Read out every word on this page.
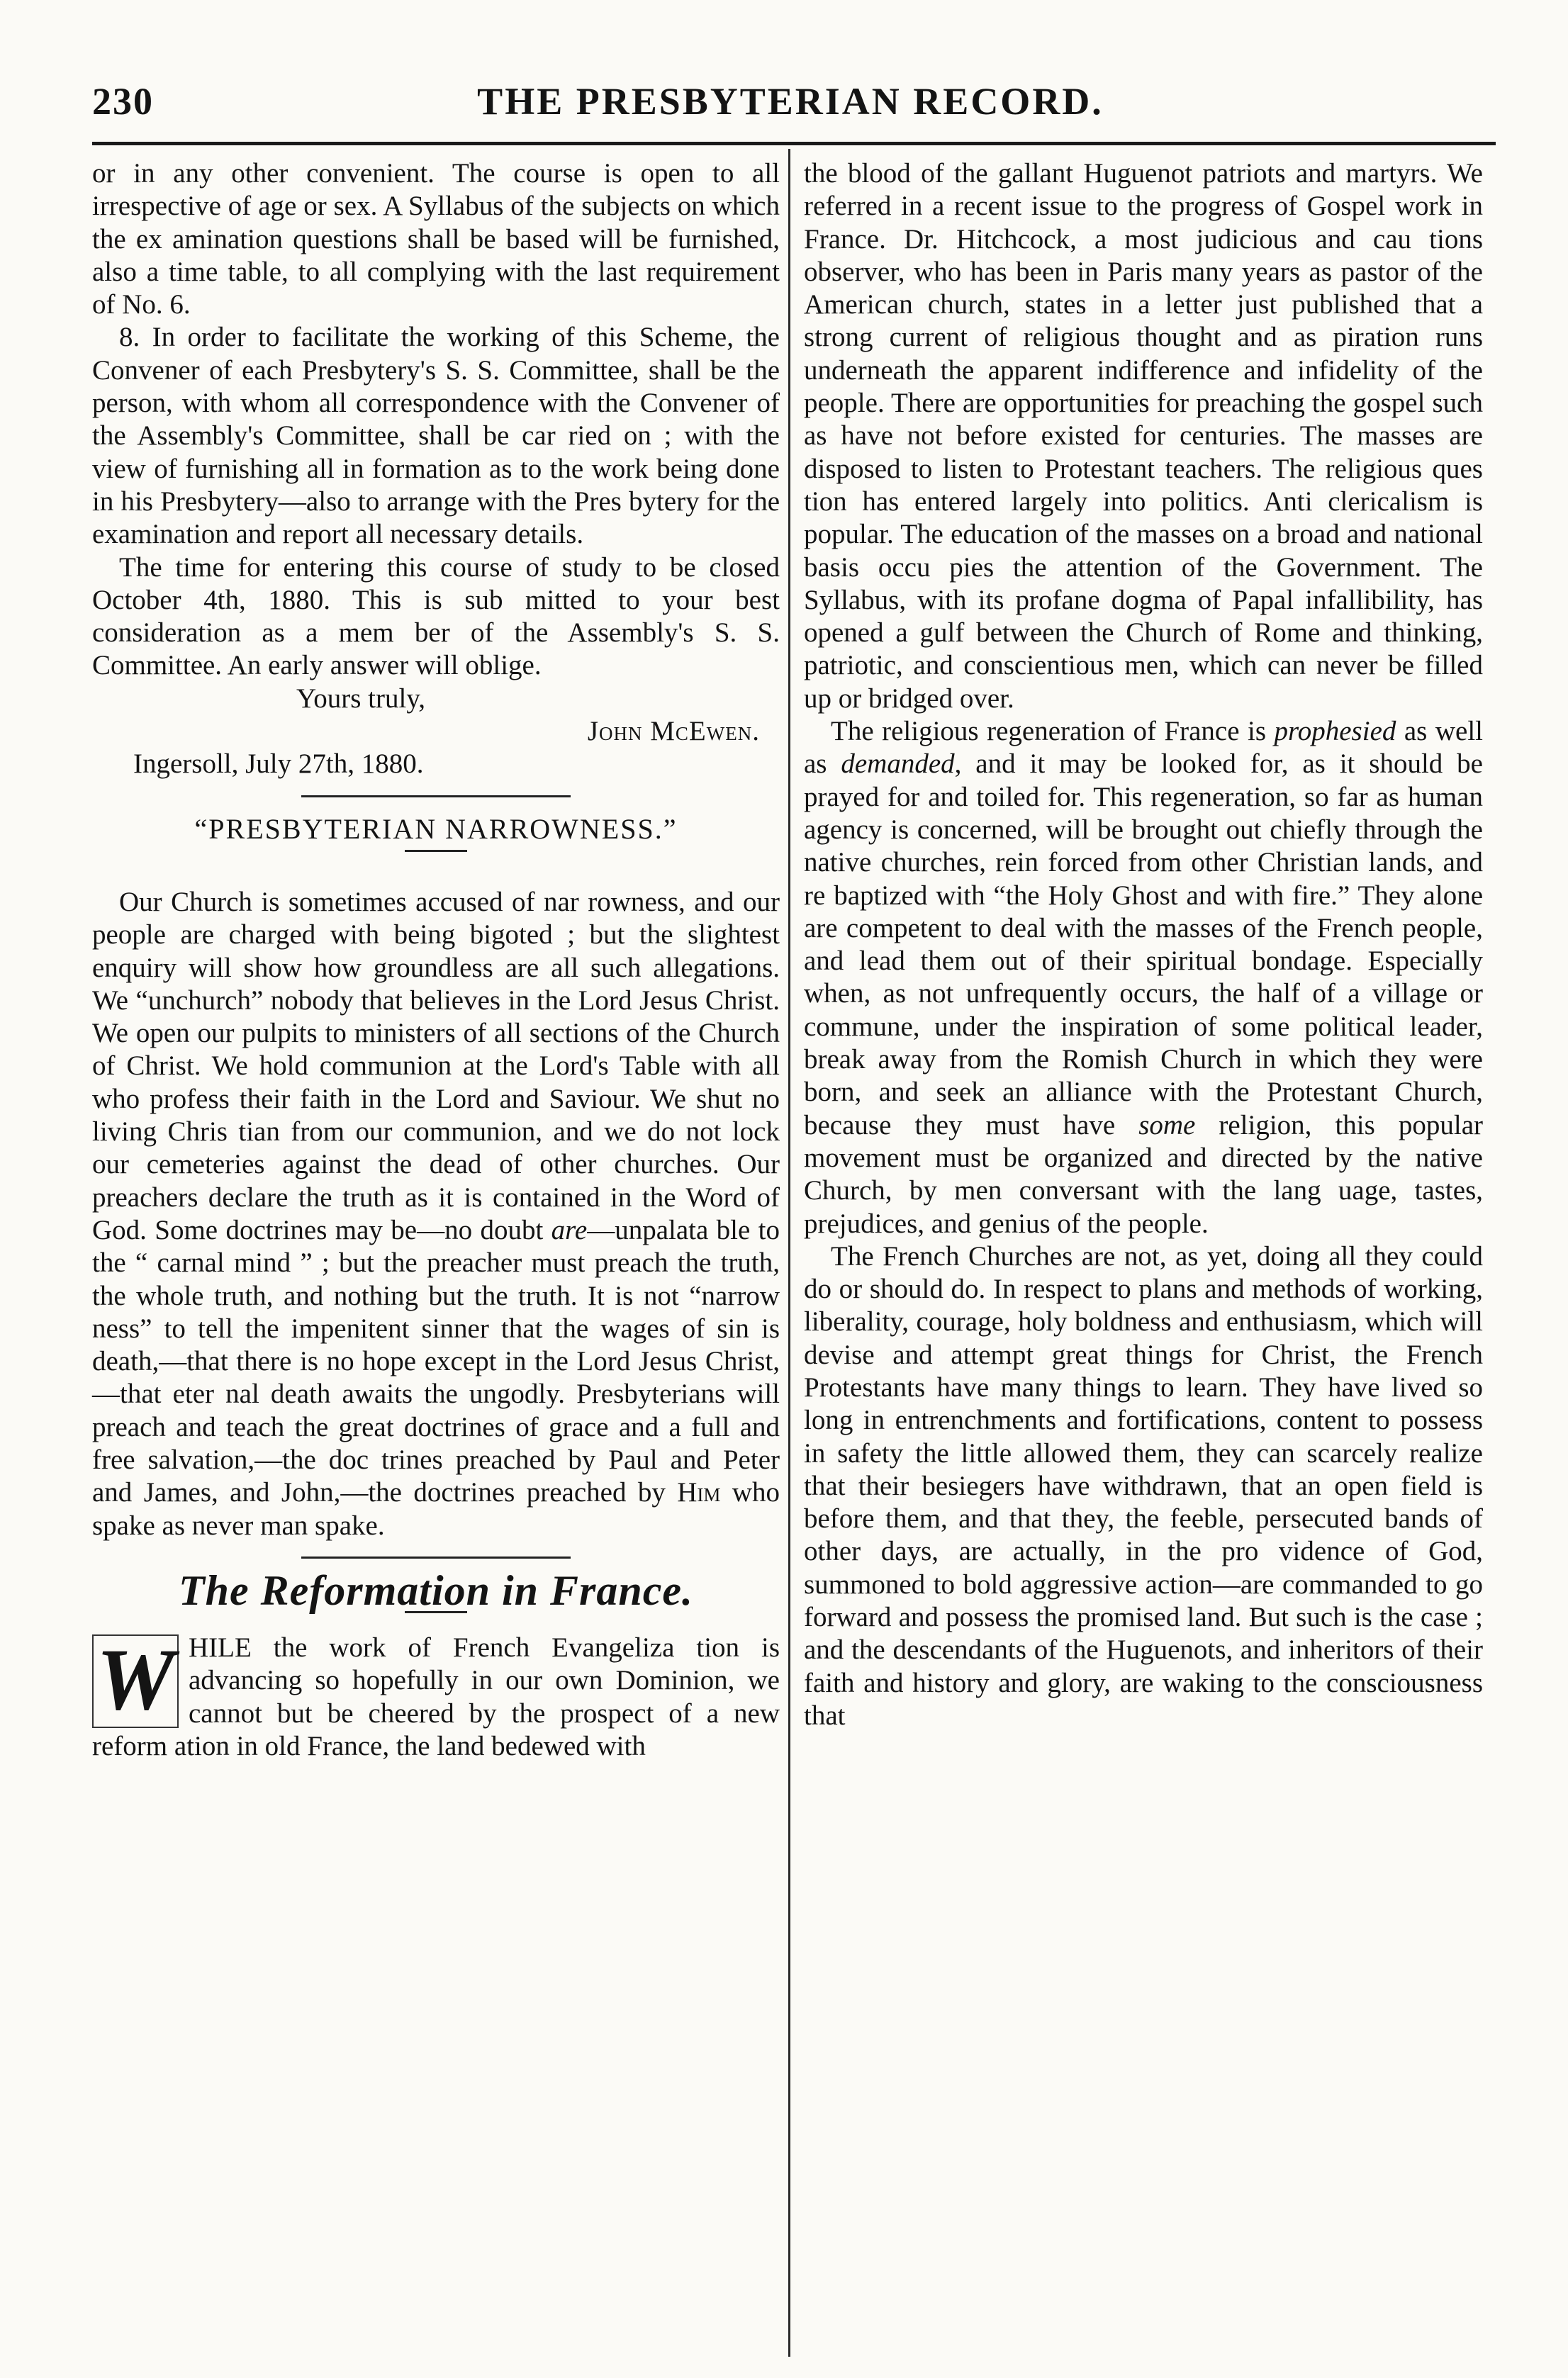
230	THE PRESBYTERIAN RECORD.

or in any other convenient. The course is open to all irrespective of age or sex. A Syllabus of the subjects on which the ex amination questions shall be based will be furnished, also a time table, to all complying with the last requirement of No. 6.

8. In order to facilitate the working of this Scheme, the Convener of each Presbytery's S. S. Committee, shall be the person, with whom all correspondence with the Convener of the Assembly's Committee, shall be car ried on ; with the view of furnishing all in formation as to the work being done in his Presbytery—also to arrange with the Pres bytery for the examination and report all necessary details.

The time for entering this course of study to be closed October 4th, 1880. This is sub mitted to your best consideration as a mem ber of the Assembly's S. S. Committee. An early answer will oblige.

Yours truly,
John McEwen.
Ingersoll, July 27th, 1880.
“PRESBYTERIAN NARROWNESS.”

Our Church is sometimes accused of nar rowness, and our people are charged with being bigoted ; but the slightest enquiry will show how groundless are all such allegations. We “unchurch” nobody that believes in the Lord Jesus Christ. We open our pulpits to ministers of all sections of the Church of Christ. We hold communion at the Lord's Table with all who profess their faith in the Lord and Saviour. We shut no living Chris tian from our communion, and we do not lock our cemeteries against the dead of other churches. Our preachers declare the truth as it is contained in the Word of God. Some doctrines may be—no doubt are—unpalata ble to the “ carnal mind ” ; but the preacher must preach the truth, the whole truth, and nothing but the truth. It is not “narrow ness” to tell the impenitent sinner that the wages of sin is death,—that there is no hope except in the Lord Jesus Christ,—that eter nal death awaits the ungodly. Presbyterians will preach and teach the great doctrines of grace and a full and free salvation,—the doc trines preached by Paul and Peter and James, and John,—the doctrines preached by Him who spake as never man spake.

The Reformation in France.
W HILE the work of French Evangeliza tion is advancing so hopefully in our own Dominion, we cannot but be cheered by the prospect of a new reform ation in old France, the land bedewed with

the blood of the gallant Huguenot patriots and martyrs. We referred in a recent issue to the progress of Gospel work in France. Dr. Hitchcock, a most judicious and cau tions observer, who has been in Paris many years as pastor of the American church, states in a letter just published that a strong current of religious thought and as piration runs underneath the apparent indifference and infidelity of the people. There are opportunities for preaching the gospel such as have not before existed for centuries. The masses are disposed to listen to Protestant teachers. The religious ques tion has entered largely into politics. Anti clericalism is popular. The education of the masses on a broad and national basis occu pies the attention of the Government. The Syllabus, with its profane dogma of Papal infallibility, has opened a gulf between the Church of Rome and thinking, patriotic, and conscientious men, which can never be filled up or bridged over.

The religious regeneration of France is prophesied as well as demanded, and it may be looked for, as it should be prayed for and toiled for. This regeneration, so far as human agency is concerned, will be brought out chiefly through the native churches, rein forced from other Christian lands, and re baptized with “the Holy Ghost and with fire.” They alone are competent to deal with the masses of the French people, and lead them out of their spiritual bondage. Especially when, as not unfrequently occurs, the half of a village or commune, under the inspiration of some political leader, break away from the Romish Church in which they were born, and seek an alliance with the Protestant Church, because they must have some religion, this popular movement must be organized and directed by the native Church, by men conversant with the lang uage, tastes, prejudices, and genius of the people.

The French Churches are not, as yet, doing all they could do or should do. In respect to plans and methods of working, liberality, courage, holy boldness and enthusiasm, which will devise and attempt great things for Christ, the French Protestants have many things to learn. They have lived so long in entrenchments and fortifications, content to possess in safety the little allowed them, they can scarcely realize that their besiegers have withdrawn, that an open field is before them, and that they, the feeble, persecuted bands of other days, are actually, in the pro vidence of God, summoned to bold aggressive action—are commanded to go forward and possess the promised land. But such is the case ; and the descendants of the Huguenots, and inheritors of their faith and history and glory, are waking to the consciousness that
